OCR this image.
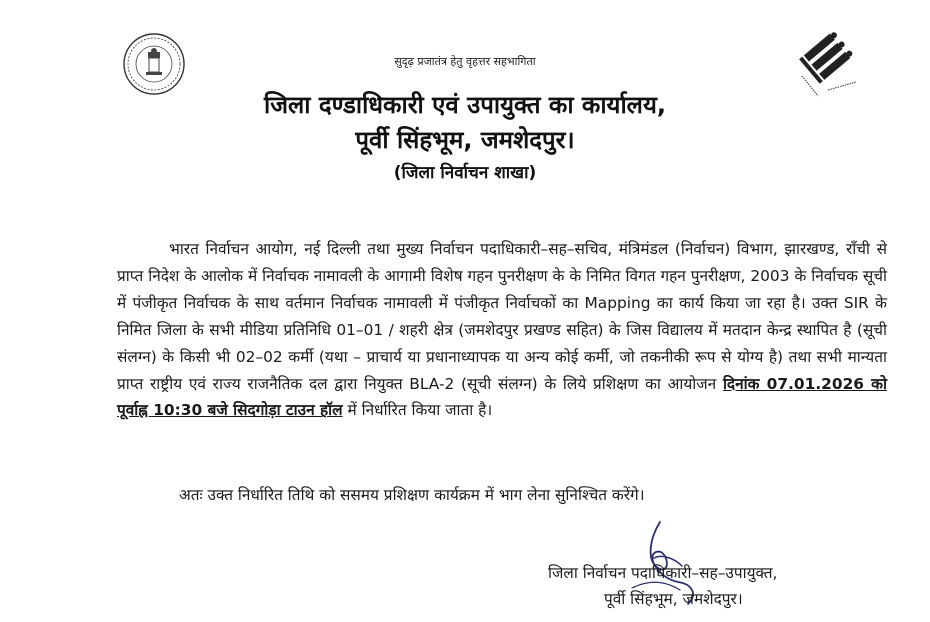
सुदृढ़ प्रजातंत्र हेतु वृहत्तर सहभागिता
जिला दण्डाधिकारी एवं उपायुक्त का कार्यालय,
पूर्वी सिंहभूम, जमशेदपुर।
(जिला निर्वाचन शाखा)
भारत निर्वाचन आयोग, नई दिल्ली तथा मुख्य निर्वाचन पदाधिकारी–सह–सचिव, मंत्रिमंडल (निर्वाचन) विभाग, झारखण्ड, राँची से प्राप्त निदेश के आलोक में निर्वाचक नामावली के आगामी विशेष गहन पुनरीक्षण के के निमित विगत गहन पुनरीक्षण, 2003 के निर्वाचक सूची में पंजीकृत निर्वाचक के साथ वर्तमान निर्वाचक नामावली में पंजीकृत निर्वाचकों का Mapping का कार्य किया जा रहा है। उक्त SIR के निमित जिला के सभी मीडिया प्रतिनिधि 01–01 / शहरी क्षेत्र (जमशेदपुर प्रखण्ड सहित) के जिस विद्यालय में मतदान केन्द्र स्थापित है (सूची संलग्न) के किसी भी 02–02 कर्मी (यथा – प्राचार्य या प्रधानाध्यापक या अन्य कोई कर्मी, जो तकनीकी रूप से योग्य है) तथा सभी मान्यता प्राप्त राष्ट्रीय एवं राज्य राजनैतिक दल द्वारा नियुक्त BLA-2 (सूची संलग्न) के लिये प्रशिक्षण का आयोजन दिनांक 07.01.2026 को पूर्वाह्न 10:30 बजे सिदगोड़ा टाउन हॉल में निर्धारित किया जाता है।
अतः उक्त निर्धारित तिथि को ससमय प्रशिक्षण कार्यक्रम में भाग लेना सुनिश्चित करेंगे।
जिला निर्वाचन पदाधिकारी–सह–उपायुक्त,
पूर्वी सिंहभूम, जमशेदपुर।
